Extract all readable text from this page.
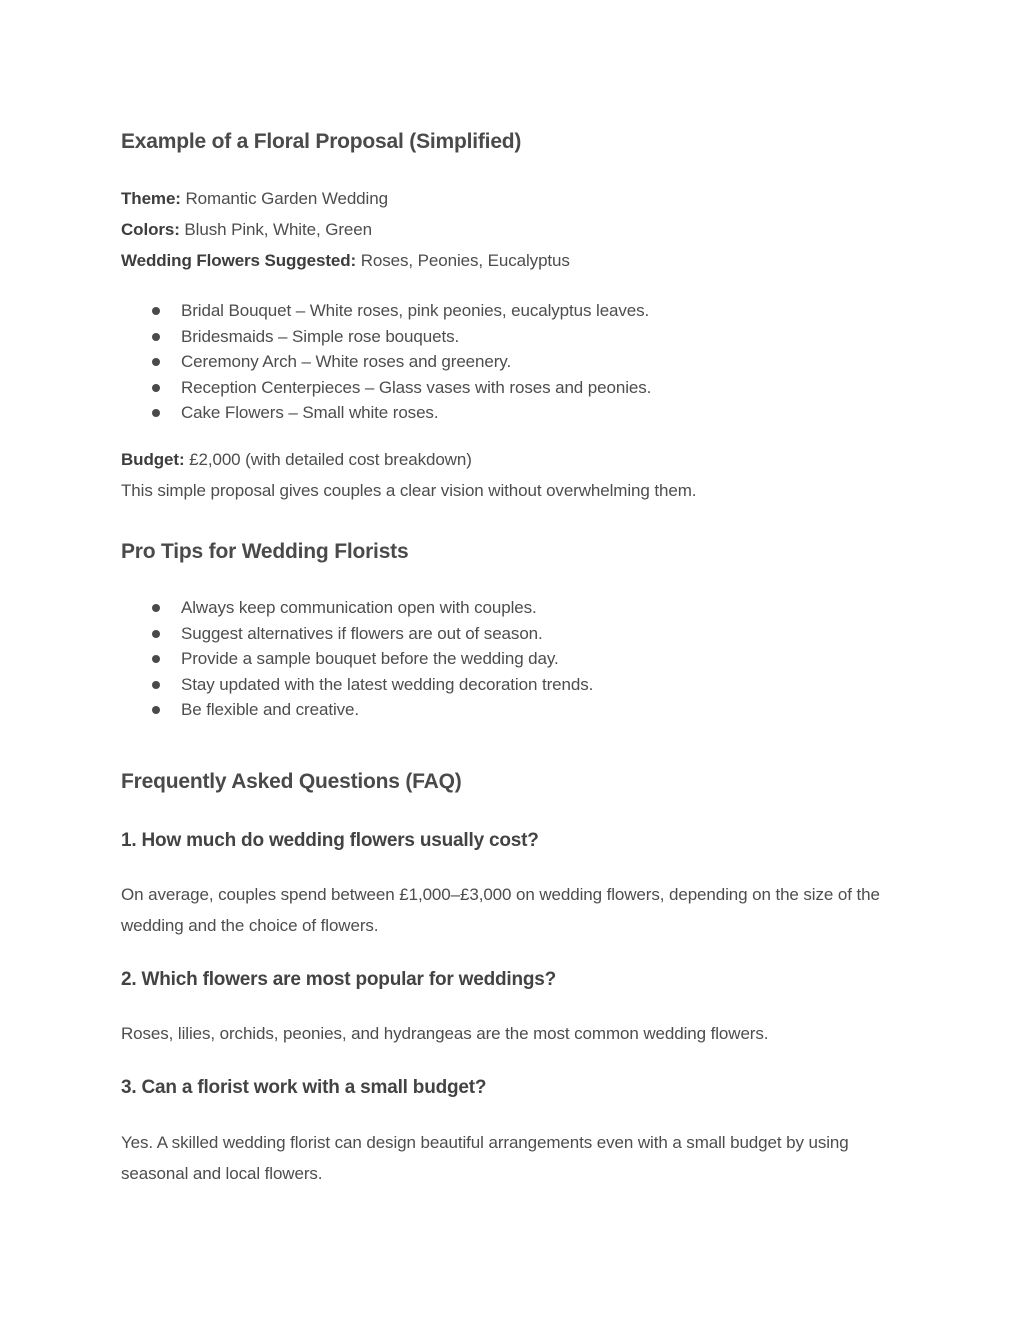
Example of a Floral Proposal (Simplified)
Theme: Romantic Garden Wedding
Colors: Blush Pink, White, Green
Wedding Flowers Suggested: Roses, Peonies, Eucalyptus
Bridal Bouquet – White roses, pink peonies, eucalyptus leaves.
Bridesmaids – Simple rose bouquets.
Ceremony Arch – White roses and greenery.
Reception Centerpieces – Glass vases with roses and peonies.
Cake Flowers – Small white roses.
Budget: £2,000 (with detailed cost breakdown)
This simple proposal gives couples a clear vision without overwhelming them.
Pro Tips for Wedding Florists
Always keep communication open with couples.
Suggest alternatives if flowers are out of season.
Provide a sample bouquet before the wedding day.
Stay updated with the latest wedding decoration trends.
Be flexible and creative.
Frequently Asked Questions (FAQ)
1. How much do wedding flowers usually cost?
On average, couples spend between £1,000–£3,000 on wedding flowers, depending on the size of the wedding and the choice of flowers.
2. Which flowers are most popular for weddings?
Roses, lilies, orchids, peonies, and hydrangeas are the most common wedding flowers.
3. Can a florist work with a small budget?
Yes. A skilled wedding florist can design beautiful arrangements even with a small budget by using seasonal and local flowers.
